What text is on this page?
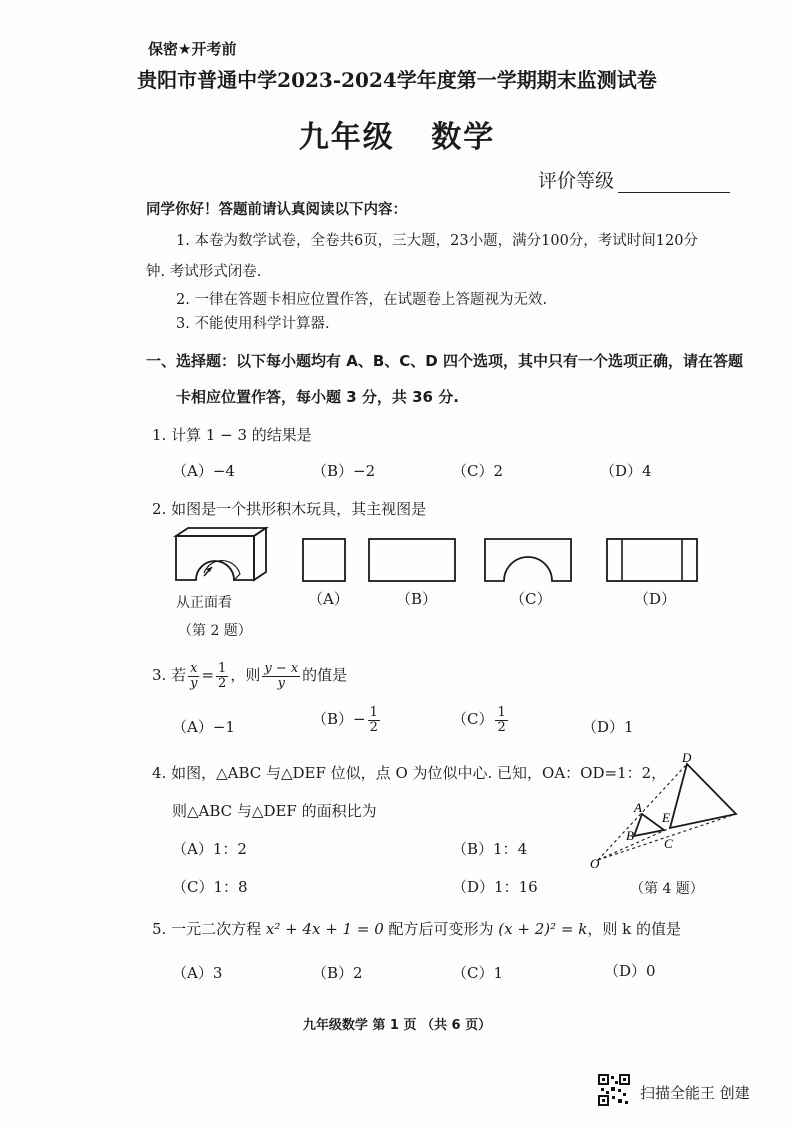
保密★开考前
贵阳市普通中学2023-2024学年度第一学期期末监测试卷
九年级 数学
评价等级
同学你好！答题前请认真阅读以下内容：
1. 本卷为数学试卷，全卷共6页，三大题，23小题，满分100分，考试时间120分
钟. 考试形式闭卷.
2. 一律在答题卡相应位置作答，在试题卷上答题视为无效.
3. 不能使用科学计算器.
一、选择题：以下每小题均有 A、B、C、D 四个选项，其中只有一个选项正确，请在答题
卡相应位置作答，每小题 3 分，共 36 分.
1. 计算 1 − 3 的结果是
（A）−4	（B）−2	（C）2	（D）4
2. 如图是一个拱形积木玩具，其主视图是
从正面看
（第 2 题）
（A）	（B）	（C）	（D）
3. 若 $\frac{x}{y} = \frac{1}{2}$ ，则 $\frac{y - x}{y}$ 的值是
（A）−1	$(B)- \frac{1}{2}$	$(C) \frac{1}{2}$	（D）1
4. 如图，△ABC 与△DEF 位似，点 O 为位似中心. 已知，OA：OD=1：2，
则△ABC 与△DEF 的面积比为
（A）1：2	（B）1：4
（C）1：8	（D）1：16
D
E
A
B
C
O
（第 4 题）
5. 一元二次方程 x² + 4x + 1 = 0 配方后可变形为 (x + 2)² = k，则 k 的值是
（A）3	（B）2	（C）1	（D）0
九年级数学 第 1 页 （共 6 页）
扫描全能王 创建
